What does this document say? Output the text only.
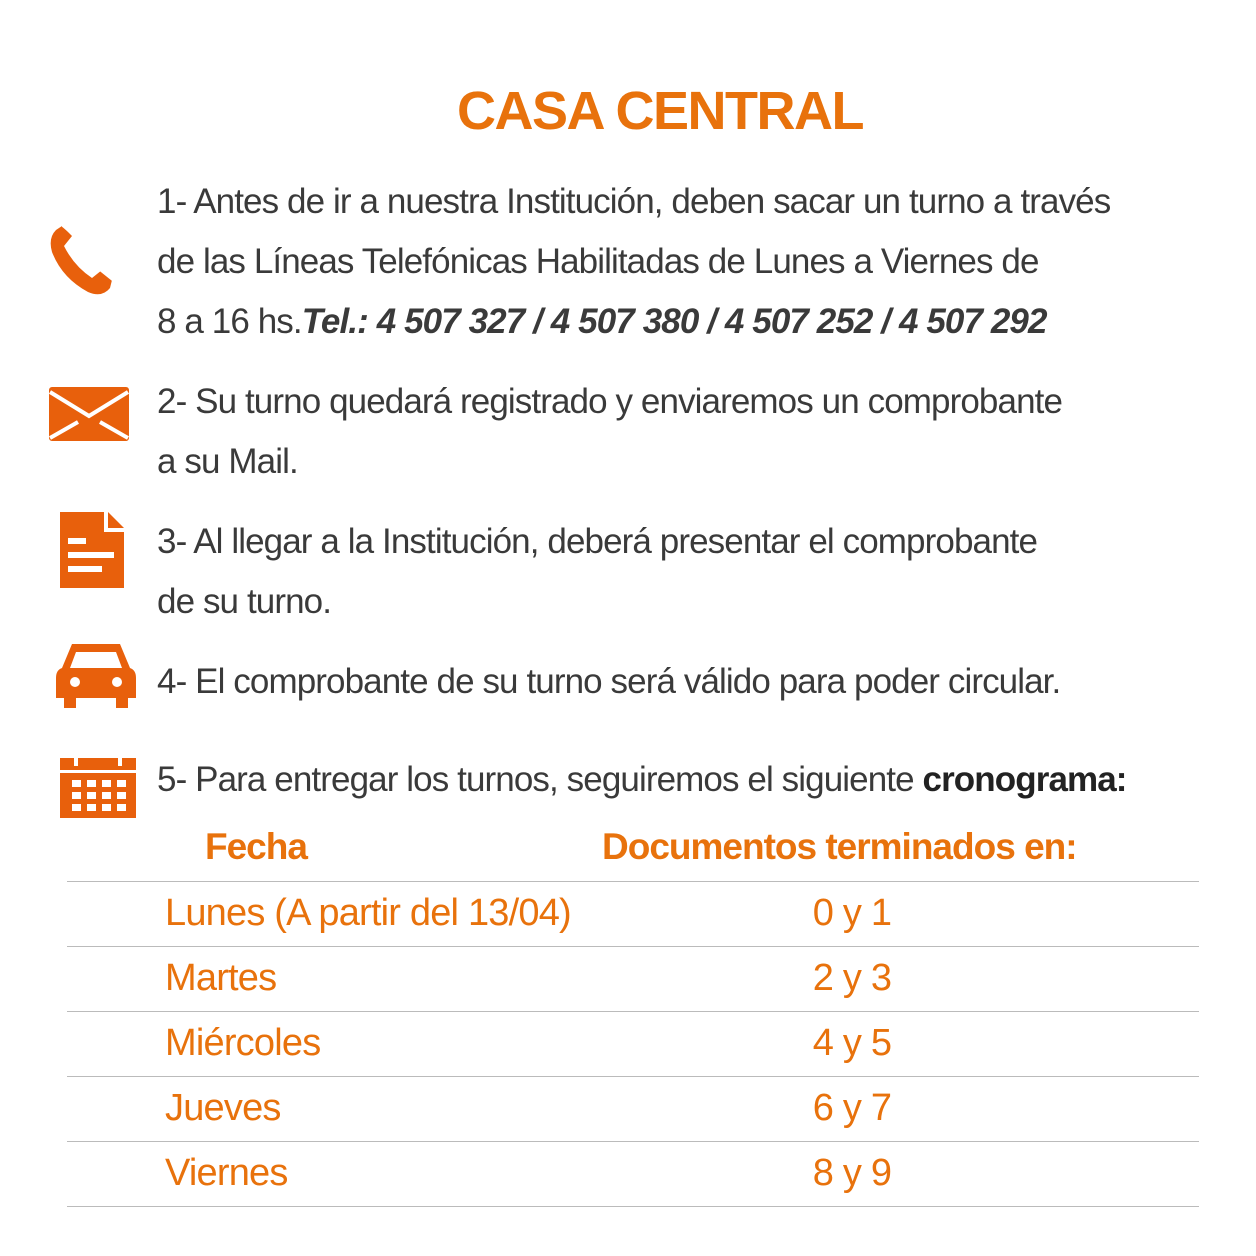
CASA CENTRAL
1- Antes de ir a nuestra Institución, deben sacar un turno a través
de las Líneas Telefónicas Habilitadas de Lunes a Viernes de
8 a 16 hs.Tel.: 4 507 327 / 4 507 380 / 4 507 252 / 4 507 292
2- Su turno quedará registrado y enviaremos un comprobante
a su Mail.
3- Al llegar a la Institución, deberá presentar el comprobante
de su turno.
4- El comprobante de su turno será válido para poder circular.
5- Para entregar los turnos, seguiremos el siguiente cronograma:
Fecha	Documentos terminados en:
Lunes (A partir del 13/04)	0 y 1
Martes	2 y 3
Miércoles	4 y 5
Jueves	6 y 7
Viernes	8 y 9
